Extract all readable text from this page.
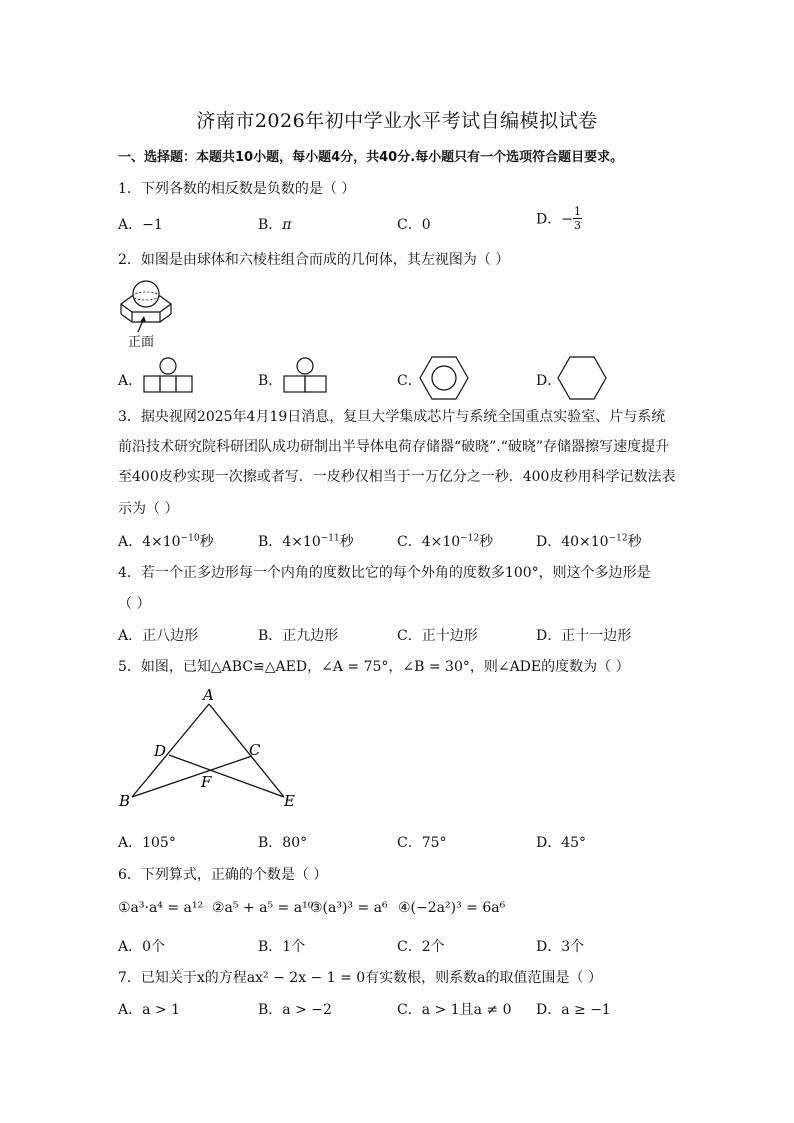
济南市2026年初中学业水平考试自编模拟试卷
一、选择题：本题共10小题，每小题4分，共40分.每小题只有一个选项符合题目要求。
1．下列各数的相反数是负数的是（ ）
A．−1	B．π	C．0	D．− $\frac{1}{3}$
2．如图是由球体和六棱柱组合而成的几何体，其左视图为（ ）
正面
A．	B．	C．	D．
3．据央视网2025年4月19日消息，复旦大学集成芯片与系统全国重点实验室、片与系统
前沿技术研究院科研团队成功研制出半导体电荷存储器“破晓”.“破晓”存储器擦写速度提升
至400皮秒实现一次擦或者写．一皮秒仅相当于一万亿分之一秒．400皮秒用科学记数法表
示为（ ）
A．$4\times 10^{-10}$秒	B．$4\times 10^{-11}$秒	C．$4\times 10^{-12}$秒	D．$40\times 10^{-12}$秒
4．若一个正多边形每一个内角的度数比它的每个外角的度数多100°，则这个多边形是
（ ）
A．正八边形	B．正九边形	C．正十边形	D．正十一边形
5．如图，已知△ABC≌△AED，∠A = 75°，∠B = 30°，则∠ADE的度数为（ ）
A
D	C
F
B	E
A．105°	B．80°	C．75°	D．45°
6．下列算式，正确的个数是（ ）
①a³·a⁴ = a¹² ②a⁵ + a⁵ = a¹⁰
③(a³)³ = a⁶ ④(−2a²)³ = 6a⁶
A．0个	B．1个	C．2个	D．3个
7．已知关于x的方程ax² − 2x − 1 = 0有实数根，则系数a的取值范围是（ ）
A．a > 1	B．a > −2	C．a > 1且a ≠ 0 D．a ≥ −1
